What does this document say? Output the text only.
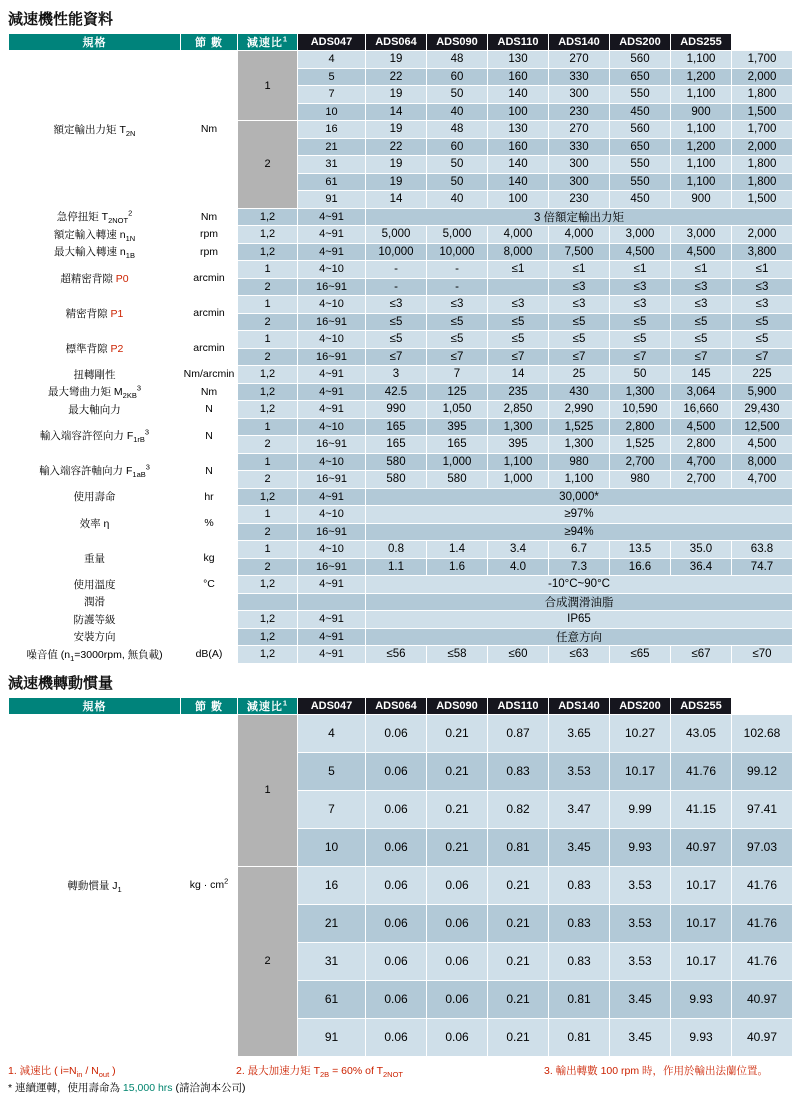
減速機性能資料
規格	節 數	減速比$^1$	ADS047	ADS064	ADS090	ADS110	ADS140	ADS200	ADS255	
額定輸出力矩 $T_{2N}$	Nm	1	4	19	48	130	270	560	1,100	1,700
			5	22	60	160	330	650	1,200	2,000
			7	19	50	140	300	550	1,100	1,800
			10	14	40	100	230	450	900	1,500
		2	16	19	48	130	270	560	1,100	1,700
			21	22	60	160	330	650	1,200	2,000
			31	19	50	140	300	550	1,100	1,800
			61	19	50	140	300	550	1,100	1,800
			91	14	40	100	230	450	900	1,500
急停扭矩 $T_{2NOT}^2$	Nm	1,2	4~91	3 倍額定輸出力矩						
額定輸入轉速 $n_{1N}$	rpm	1,2	4~91	5,000	5,000	4,000	4,000	3,000	3,000	2,000
最大輸入轉速 $n_{1B}$	rpm	1,2	4~91	10,000	10,000	8,000	7,500	4,500	4,500	3,800
超精密背隙 P0	arcmin	1	4~10	-	-	≤1	≤1	≤1	≤1	≤1
		2	16~91	-	-		≤3	≤3	≤3	≤3
精密背隙 P1	arcmin	1	4~10	≤3	≤3	≤3	≤3	≤3	≤3	≤3
		2	16~91	≤5	≤5	≤5	≤5	≤5	≤5	≤5
標準背隙 P2	arcmin	1	4~10	≤5	≤5	≤5	≤5	≤5	≤5	≤5
		2	16~91	≤7	≤7	≤7	≤7	≤7	≤7	≤7
扭轉剛性	Nm/arcmin	1,2	4~91	3	7	14	25	50	145	225
最大彎曲力矩 $M_{2KB}^3$	Nm	1,2	4~91	42.5	125	235	430	1,300	3,064	5,900
最大軸向力	N	1,2	4~91	990	1,050	2,850	2,990	10,590	16,660	29,430
輸入端容許徑向力 $F_{1rB}^3$	N	1	4~10	165	395	1,300	1,525	2,800	4,500	12,500
		2	16~91	165	165	395	1,300	1,525	2,800	4,500
輸入端容許軸向力 $F_{1aB}^3$	N	1	4~10	580	1,000	1,100	980	2,700	4,700	8,000
		2	16~91	580	580	1,000	1,100	980	2,700	4,700
使用壽命	hr	1,2	4~91	30,000*						
效率 η	%	1	4~10	≥97%						
		2	16~91	≥94%						
重量	kg	1	4~10	0.8	1.4	3.4	6.7	13.5	35.0	63.8
		2	16~91	1.1	1.6	4.0	7.3	16.6	36.4	74.7
使用溫度	°C	1,2	4~91	-10°C~90°C						
潤滑				合成潤滑油脂						
防護等級		1,2	4~91	IP65						
安裝方向		1,2	4~91	任意方向						
噪音值 ($n_1=3000rpm$, 無負載)	dB(A)	1,2	4~91	≤56	≤58	≤60	≤63	≤65	≤67	≤70
減速機轉動慣量
規格	節 數	減速比$^1$	ADS047	ADS064	ADS090	ADS110	ADS140	ADS200	ADS255	
轉動慣量 $J_1$	kg · $cm^2$	1	4	0.06	0.21	0.87	3.65	10.27	43.05	102.68
			5	0.06	0.21	0.83	3.53	10.17	41.76	99.12
			7	0.06	0.21	0.82	3.47	9.99	41.15	97.41
			10	0.06	0.21	0.81	3.45	9.93	40.97	97.03
		2	16	0.06	0.06	0.21	0.83	3.53	10.17	41.76
			21	0.06	0.06	0.21	0.83	3.53	10.17	41.76
			31	0.06	0.06	0.21	0.83	3.53	10.17	41.76
			61	0.06	0.06	0.21	0.81	3.45	9.93	40.97
			91	0.06	0.06	0.21	0.81	3.45	9.93	40.97
1. 減速比 ( $i=N_{in} / N_{out}$ )	2. 最大加速力矩 $T_{2B} = 60\%$ of $T_{2NOT}$	3. 輸出轉數 100 rpm 時，作用於輸出法蘭位置。
* 連續運轉，使用壽命為 15,000 hrs (請洽詢本公司)
